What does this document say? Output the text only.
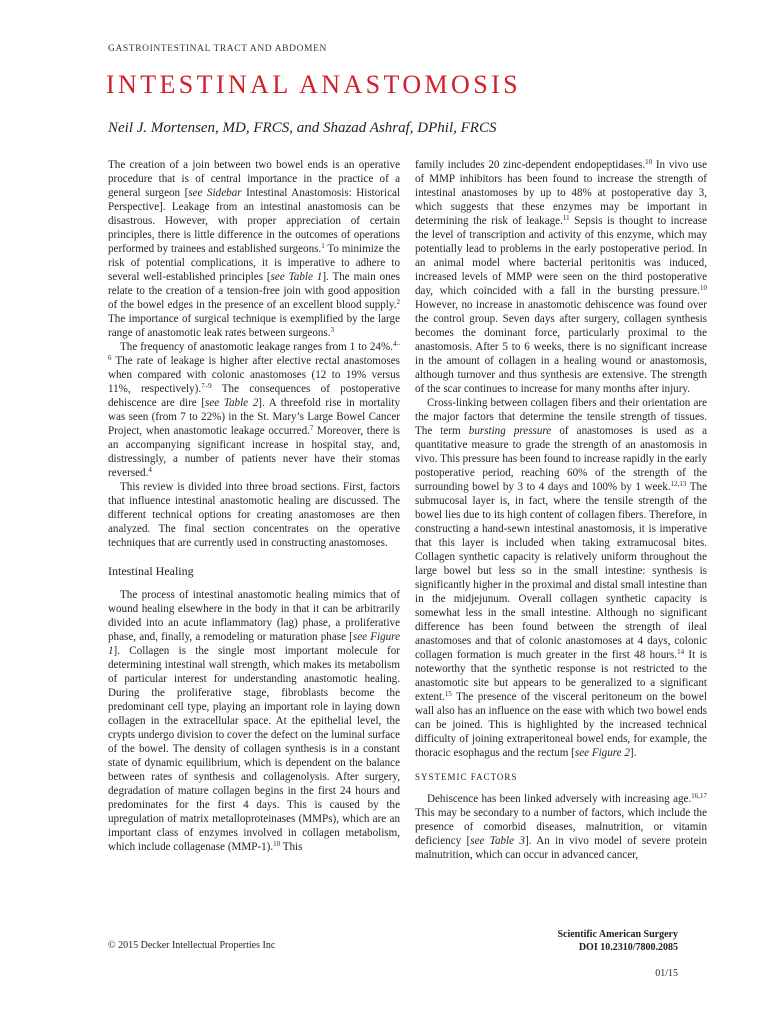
GASTROINTESTINAL TRACT AND ABDOMEN
INTESTINAL ANASTOMOSIS
Neil J. Mortensen, MD, FRCS, and Shazad Ashraf, DPhil, FRCS

The creation of a join between two bowel ends is an operative procedure that is of central importance in the practice of a general surgeon [see Sidebar Intestinal Anastomosis: Historical Perspective]. Leakage from an intestinal anastomosis can be disastrous. However, with proper appreciation of certain principles, there is little difference in the outcomes of operations performed by trainees and established surgeons.$^1$ To minimize the risk of potential complications, it is imperative to adhere to several well-established principles [see Table 1]. The main ones relate to the creation of a tension-free join with good apposition of the bowel edges in the presence of an excellent blood supply.$^2$ The importance of surgical technique is exemplified by the large range of anastomotic leak rates between surgeons.$^3$

The frequency of anastomotic leakage ranges from 1 to 24%.$^{4-6}$ The rate of leakage is higher after elective rectal anastomoses when compared with colonic anastomoses (12 to 19% versus 11%, respectively).$^{7-9}$ The consequences of postoperative dehiscence are dire [see Table 2]. A threefold rise in mortality was seen (from 7 to 22%) in the St. Mary’s Large Bowel Cancer Project, when anastomotic leakage occurred.$^7$ Moreover, there is an accompanying significant increase in hospital stay, and, distressingly, a number of patients never have their stomas reversed.$^4$

This review is divided into three broad sections. First, factors that influence intestinal anastomotic healing are discussed. The different technical options for creating anastomoses are then analyzed. The final section concentrates on the operative techniques that are currently used in constructing anastomoses.

Intestinal Healing

The process of intestinal anastomotic healing mimics that of wound healing elsewhere in the body in that it can be arbitrarily divided into an acute inflammatory (lag) phase, a proliferative phase, and, finally, a remodeling or maturation phase [see Figure 1]. Collagen is the single most important molecule for determining intestinal wall strength, which makes its metabolism of particular interest for understanding anastomotic healing. During the proliferative stage, fibroblasts become the predominant cell type, playing an important role in laying down collagen in the extracellular space. At the epithelial level, the crypts undergo division to cover the defect on the luminal surface of the bowel. The density of collagen synthesis is in a constant state of dynamic equilibrium, which is dependent on the balance between rates of synthesis and collagenolysis. After surgery, degradation of mature collagen begins in the first 24 hours and predominates for the first 4 days. This is caused by the upregulation of matrix metalloproteinases (MMPs), which are an important class of enzymes involved in collagen metabolism, which include collagenase (MMP-1).$^{10}$ This

family includes 20 zinc-dependent endopeptidases.$^{10}$ In vivo use of MMP inhibitors has been found to increase the strength of intestinal anastomoses by up to 48% at postoperative day 3, which suggests that these enzymes may be important in determining the risk of leakage.$^{11}$ Sepsis is thought to increase the level of transcription and activity of this enzyme, which may potentially lead to problems in the early postoperative period. In an animal model where bacterial peritonitis was induced, increased levels of MMP were seen on the third postoperative day, which coincided with a fall in the bursting pressure.$^{10}$ However, no increase in anastomotic dehiscence was found over the control group. Seven days after surgery, collagen synthesis becomes the dominant force, particularly proximal to the anastomosis. After 5 to 6 weeks, there is no significant increase in the amount of collagen in a healing wound or anastomosis, although turnover and thus synthesis are extensive. The strength of the scar continues to increase for many months after injury.

Cross-linking between collagen fibers and their orientation are the major factors that determine the tensile strength of tissues. The term bursting pressure of anastomoses is used as a quantitative measure to grade the strength of an anastomosis in vivo. This pressure has been found to increase rapidly in the early postoperative period, reaching 60% of the strength of the surrounding bowel by 3 to 4 days and 100% by 1 week.$^{12,13}$ The submucosal layer is, in fact, where the tensile strength of the bowel lies due to its high content of collagen fibers. Therefore, in constructing a hand-sewn intestinal anastomosis, it is imperative that this layer is included when taking extramucosal bites. Collagen synthetic capacity is relatively uniform throughout the large bowel but less so in the small intestine: synthesis is significantly higher in the proximal and distal small intestine than in the midjejunum. Overall collagen synthetic capacity is somewhat less in the small intestine. Although no significant difference has been found between the strength of ileal anastomoses and that of colonic anastomoses at 4 days, colonic collagen formation is much greater in the first 48 hours.$^{14}$ It is noteworthy that the synthetic response is not restricted to the anastomotic site but appears to be generalized to a significant extent.$^{15}$ The presence of the visceral peritoneum on the bowel wall also has an influence on the ease with which two bowel ends can be joined. This is highlighted by the increased technical difficulty of joining extraperitoneal bowel ends, for example, the thoracic esophagus and the rectum [see Figure 2].

SYSTEMIC FACTORS

Dehiscence has been linked adversely with increasing age.$^{16,17}$ This may be secondary to a number of factors, which include the presence of comorbid diseases, malnutrition, or vitamin deficiency [see Table 3]. An in vivo model of severe protein malnutrition, which can occur in advanced cancer,

© 2015 Decker Intellectual Properties Inc
Scientific American Surgery
DOI 10.2310/7800.2085
01/15
